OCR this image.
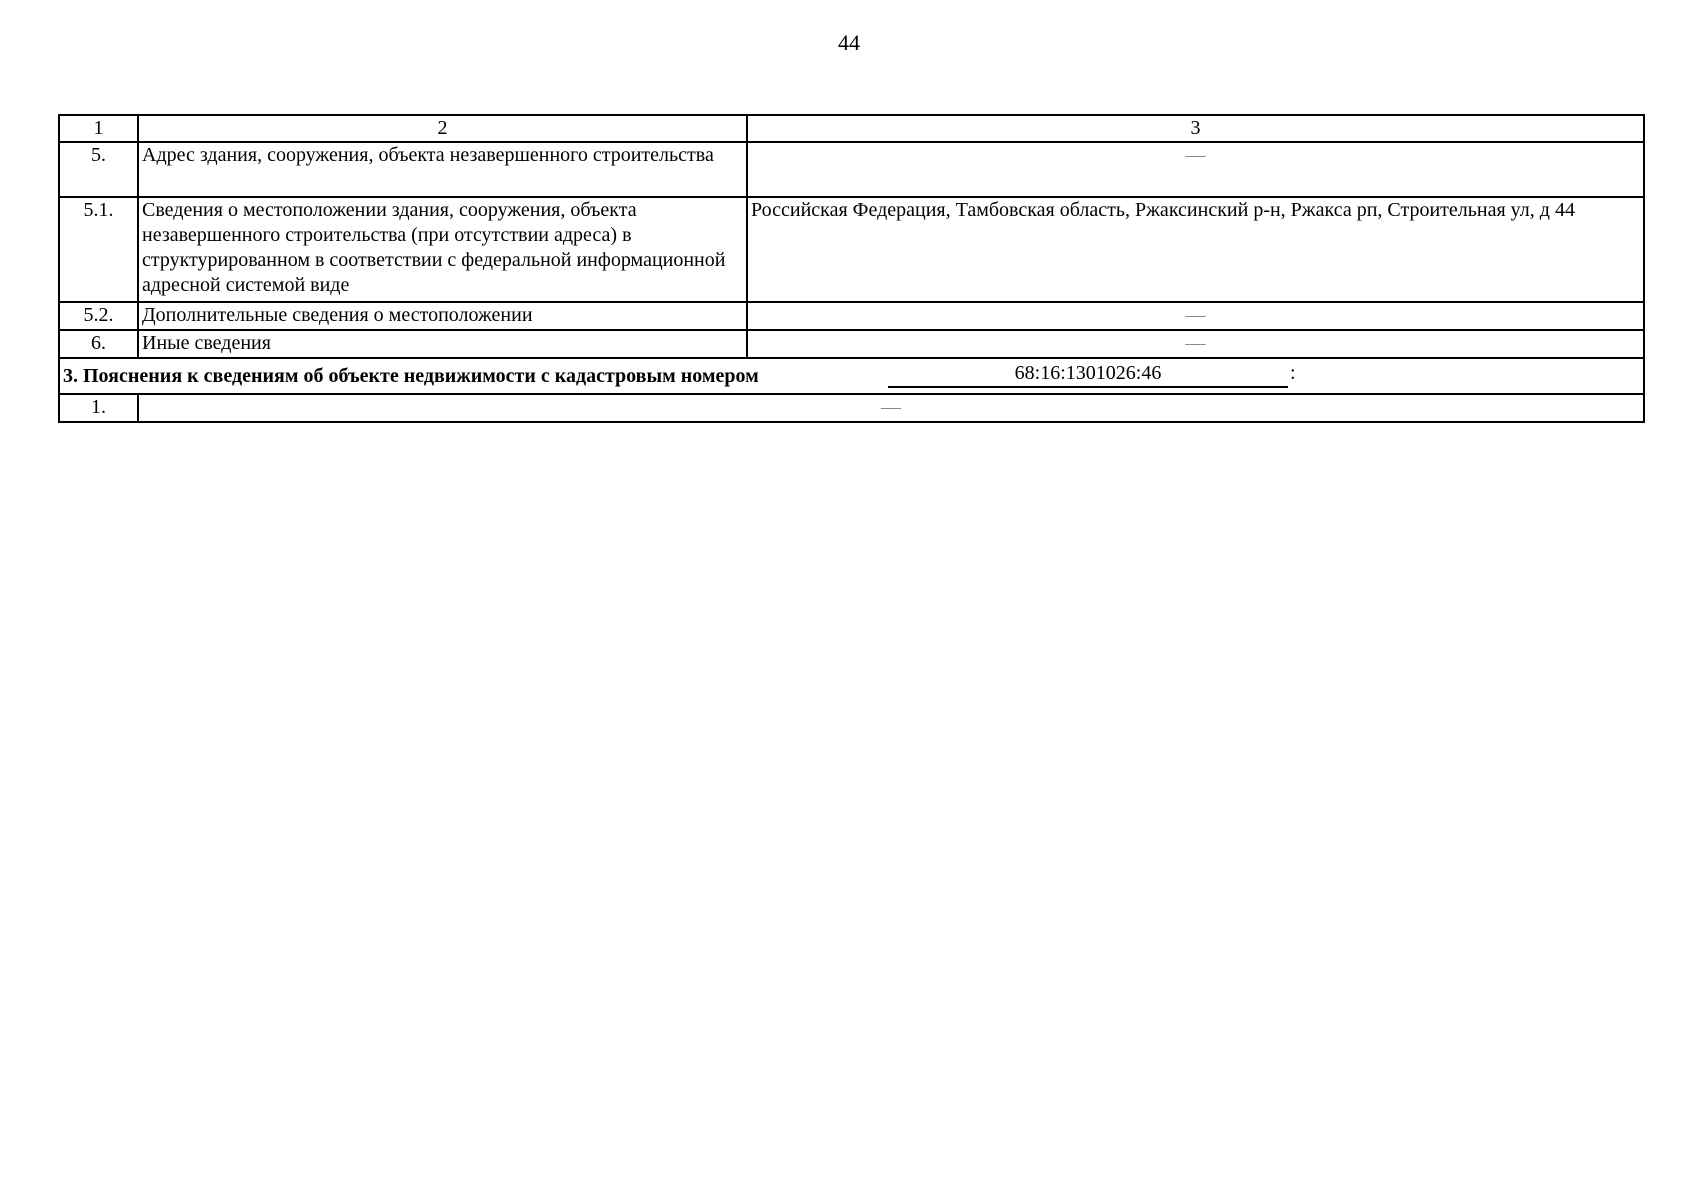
44
1	2	3
5.	Адрес здания, сооружения, объекта незавершенного строительства	—
5.1.	Сведения о местоположении здания, сооружения, объекта незавершенного строительства (при отсутствии адреса) в структурированном в соответствии с федеральной информационной адресной системой виде	Российская Федерация, Тамбовская область, Ржаксинский р-н, Ржакса рп, Строительная ул, д 44
5.2.	Дополнительные сведения о местоположении	—
6.	Иные сведения	—
3. Пояснения к сведениям об объекте недвижимости с кадастровым номером 68:16:1301026:46 :		

1.	—	
